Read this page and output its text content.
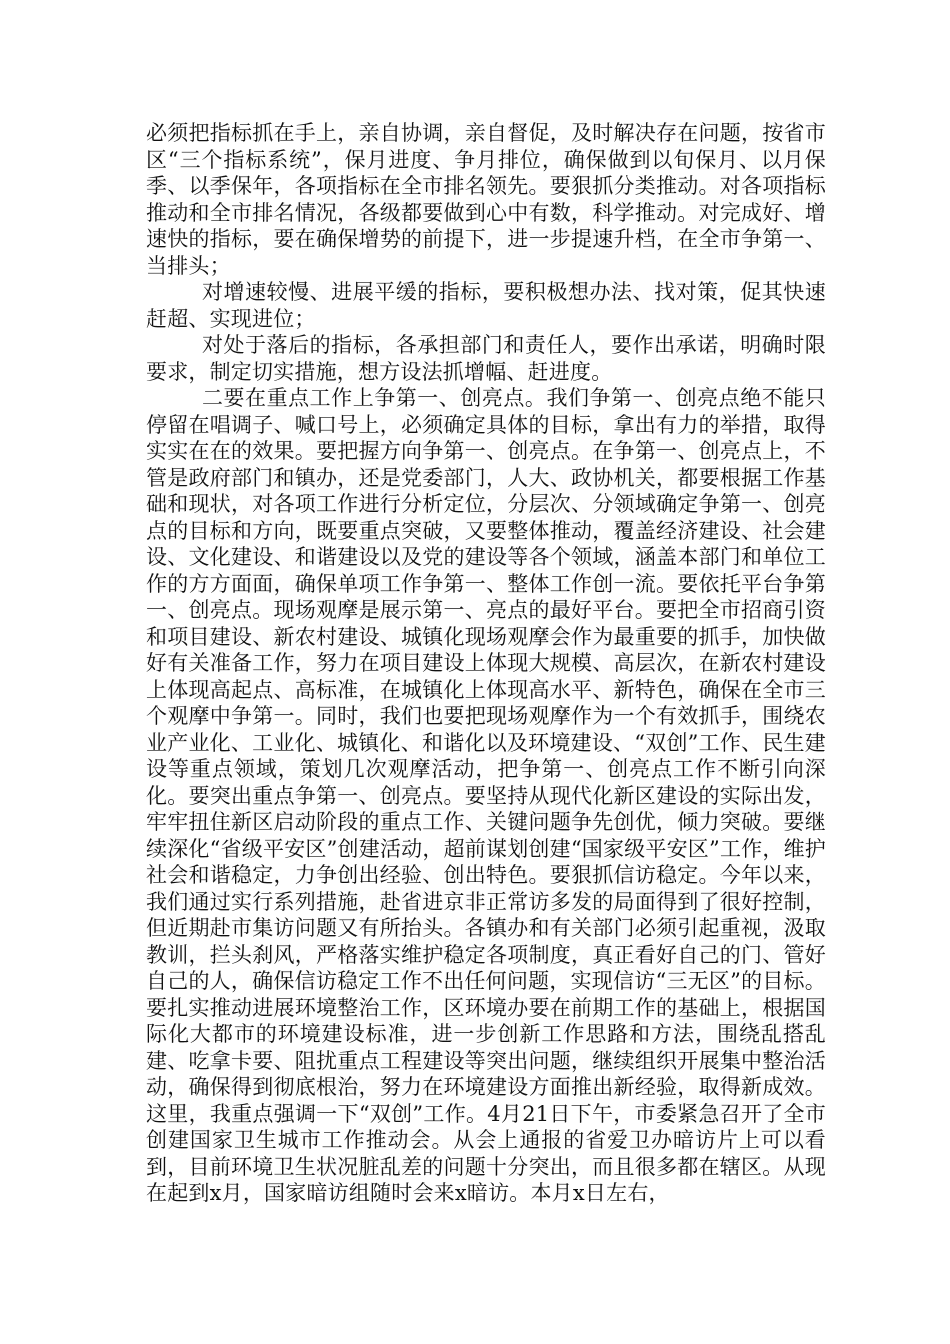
必须把指标抓在手上，亲自协调，亲自督促，及时解决存在问题，按省市区“三个指标系统”，保月进度、争月排位，确保做到以旬保月、以月保季、以季保年，各项指标在全市排名领先。要狠抓分类推动。对各项指标推动和全市排名情况，各级都要做到心中有数，科学推动。对完成好、增速快的指标，要在确保增势的前提下，进一步提速升档，在全市争第一、当排头；

对增速较慢、进展平缓的指标，要积极想办法、找对策，促其快速赶超、实现进位；

对处于落后的指标，各承担部门和责任人，要作出承诺，明确时限要求，制定切实措施，想方设法抓增幅、赶进度。

二要在重点工作上争第一、创亮点。我们争第一、创亮点绝不能只停留在唱调子、喊口号上，必须确定具体的目标，拿出有力的举措，取得实实在在的效果。要把握方向争第一、创亮点。在争第一、创亮点上，不管是政府部门和镇办，还是党委部门，人大、政协机关，都要根据工作基础和现状，对各项工作进行分析定位，分层次、分领域确定争第一、创亮点的目标和方向，既要重点突破，又要整体推动，覆盖经济建设、社会建设、文化建设、和谐建设以及党的建设等各个领域，涵盖本部门和单位工作的方方面面，确保单项工作争第一、整体工作创一流。要依托平台争第一、创亮点。现场观摩是展示第一、亮点的最好平台。要把全市招商引资和项目建设、新农村建设、城镇化现场观摩会作为最重要的抓手，加快做好有关准备工作，努力在项目建设上体现大规模、高层次，在新农村建设上体现高起点、高标准，在城镇化上体现高水平、新特色，确保在全市三个观摩中争第一。同时，我们也要把现场观摩作为一个有效抓手，围绕农业产业化、工业化、城镇化、和谐化以及环境建设、“双创”工作、民生建设等重点领域，策划几次观摩活动，把争第一、创亮点工作不断引向深化。要突出重点争第一、创亮点。要坚持从现代化新区建设的实际出发，牢牢扭住新区启动阶段的重点工作、关键问题争先创优，倾力突破。要继续深化“省级平安区”创建活动，超前谋划创建“国家级平安区”工作，维护社会和谐稳定，力争创出经验、创出特色。要狠抓信访稳定。今年以来，我们通过实行系列措施，赴省进京非正常访多发的局面得到了很好控制，但近期赴市集访问题又有所抬头。各镇办和有关部门必须引起重视，汲取教训，拦头刹风，严格落实维护稳定各项制度，真正看好自己的门、管好自己的人，确保信访稳定工作不出任何问题，实现信访“三无区”的目标。要扎实推动进展环境整治工作，区环境办要在前期工作的基础上，根据国际化大都市的环境建设标准，进一步创新工作思路和方法，围绕乱搭乱建、吃拿卡要、阻扰重点工程建设等突出问题，继续组织开展集中整治活动，确保得到彻底根治，努力在环境建设方面推出新经验，取得新成效。这里，我重点强调一下“双创”工作。4月21日下午，市委紧急召开了全市创建国家卫生城市工作推动会。从会上通报的省爱卫办暗访片上可以看到，目前环境卫生状况脏乱差的问题十分突出，而且很多都在辖区。从现在起到x月，国家暗访组随时会来x暗访。本月x日左右，
